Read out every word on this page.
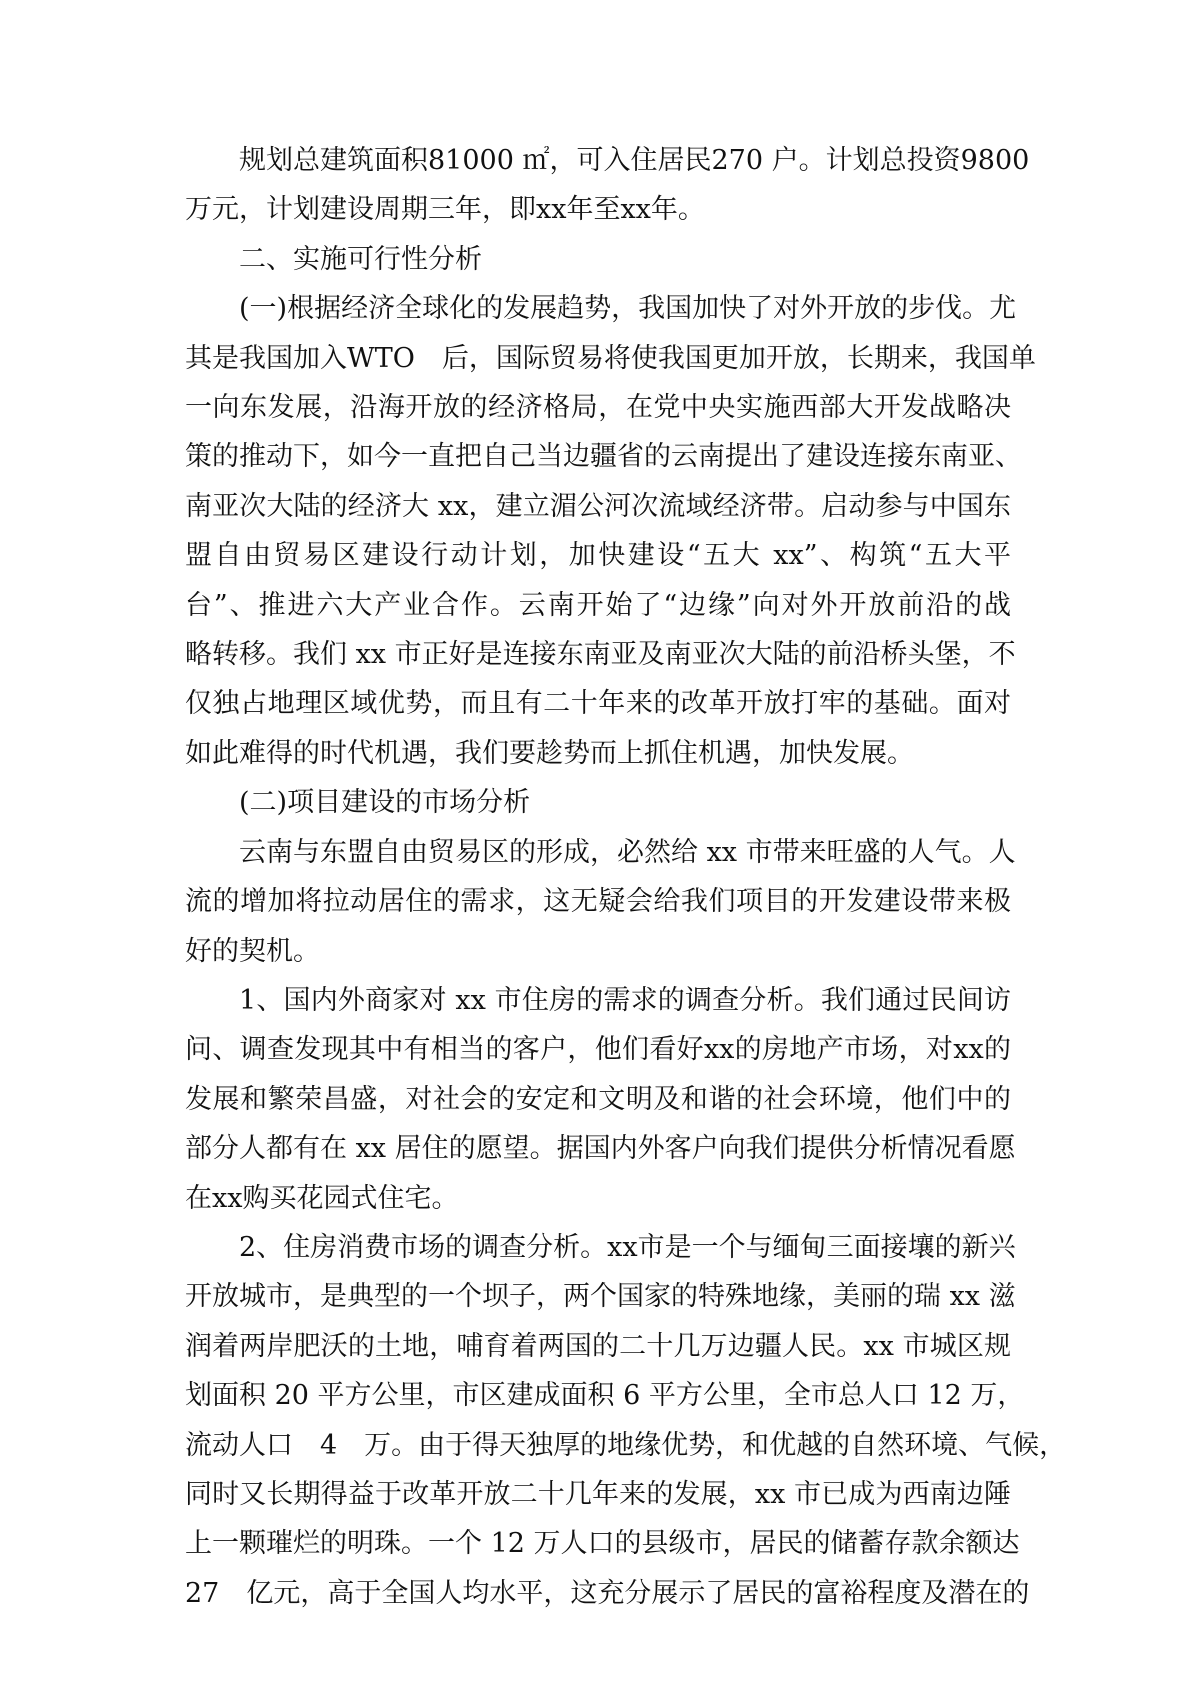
规划总建筑面积81000 ㎡，可入住居民270 户。计划总投资9800
万元，计划建设周期三年，即xx年至xx年。
二、实施可行性分析
(一)根据经济全球化的发展趋势，我国加快了对外开放的步伐。尤
其是我国加入WTO　后，国际贸易将使我国更加开放，长期来，我国单
一向东发展，沿海开放的经济格局，在党中央实施西部大开发战略决
策的推动下，如今一直把自己当边疆省的云南提出了建设连接东南亚、
南亚次大陆的经济大 xx，建立湄公河次流域经济带。启动参与中国东
盟自由贸易区建设行动计划，加快建设“五大 xx”、构筑“五大平
台”、推进六大产业合作。云南开始了“边缘”向对外开放前沿的战
略转移。我们 xx 市正好是连接东南亚及南亚次大陆的前沿桥头堡，不
仅独占地理区域优势，而且有二十年来的改革开放打牢的基础。面对
如此难得的时代机遇，我们要趁势而上抓住机遇，加快发展。
(二)项目建设的市场分析
云南与东盟自由贸易区的形成，必然给 xx 市带来旺盛的人气。人
流的增加将拉动居住的需求，这无疑会给我们项目的开发建设带来极
好的契机。
1、国内外商家对 xx 市住房的需求的调查分析。我们通过民间访
问、调查发现其中有相当的客户，他们看好xx的房地产市场，对xx的
发展和繁荣昌盛，对社会的安定和文明及和谐的社会环境，他们中的
部分人都有在 xx 居住的愿望。据国内外客户向我们提供分析情况看愿
在xx购买花园式住宅。
2、住房消费市场的调查分析。xx市是一个与缅甸三面接壤的新兴
开放城市，是典型的一个坝子，两个国家的特殊地缘，美丽的瑞 xx 滋
润着两岸肥沃的土地，哺育着两国的二十几万边疆人民。xx 市城区规
划面积 20 平方公里，市区建成面积 6 平方公里，全市总人口 12 万，
流动人口　4　万。由于得天独厚的地缘优势，和优越的自然环境、气候，
同时又长期得益于改革开放二十几年来的发展，xx 市已成为西南边陲
上一颗璀烂的明珠。一个 12 万人口的县级市，居民的储蓄存款余额达
27　亿元，高于全国人均水平，这充分展示了居民的富裕程度及潜在的
